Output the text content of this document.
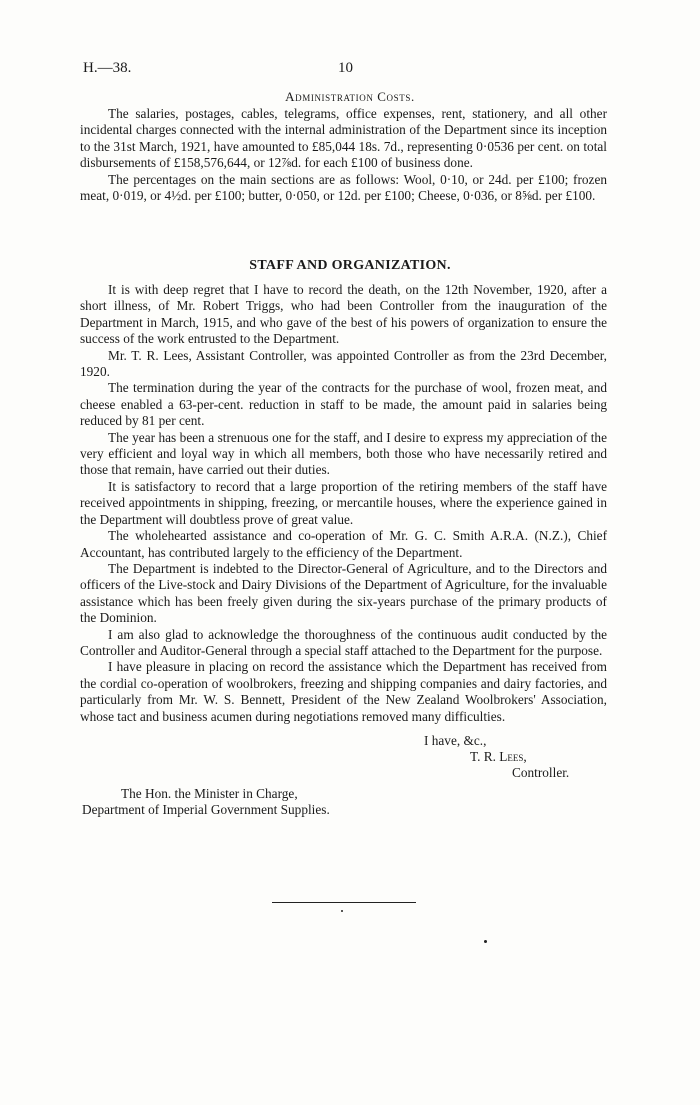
H.—38.	10
Administration Costs.

The salaries, postages, cables, telegrams, office expenses, rent, stationery, and all other incidental charges connected with the internal administration of the Department since its inception to the 31st March, 1921, have amounted to £85,044 18s. 7d., representing 0·0536 per cent. on total disbursements of £158,576,644, or 12⅞d. for each £100 of business done.

The percentages on the main sections are as follows: Wool, 0·10, or 24d. per £100; frozen meat, 0·019, or 4½d. per £100; butter, 0·050, or 12d. per £100; Cheese, 0·036, or 8⅝d. per £100.

STAFF AND ORGANIZATION.

It is with deep regret that I have to record the death, on the 12th November, 1920, after a short illness, of Mr. Robert Triggs, who had been Controller from the inauguration of the Department in March, 1915, and who gave of the best of his powers of organization to ensure the success of the work entrusted to the Department.

Mr. T. R. Lees, Assistant Controller, was appointed Controller as from the 23rd December, 1920.

The termination during the year of the contracts for the purchase of wool, frozen meat, and cheese enabled a 63-per-cent. reduction in staff to be made, the amount paid in salaries being reduced by 81 per cent.

The year has been a strenuous one for the staff, and I desire to express my appreciation of the very efficient and loyal way in which all members, both those who have necessarily retired and those that remain, have carried out their duties.

It is satisfactory to record that a large proportion of the retiring members of the staff have received appointments in shipping, freezing, or mercantile houses, where the experience gained in the Department will doubtless prove of great value.

The wholehearted assistance and co-operation of Mr. G. C. Smith A.R.A. (N.Z.), Chief Accountant, has contributed largely to the efficiency of the Department.

The Department is indebted to the Director-General of Agriculture, and to the Directors and officers of the Live-stock and Dairy Divisions of the Department of Agriculture, for the invaluable assistance which has been freely given during the six-years purchase of the primary products of the Dominion.

I am also glad to acknowledge the thoroughness of the continuous audit conducted by the Controller and Auditor-General through a special staff attached to the Department for the purpose.

I have pleasure in placing on record the assistance which the Department has received from the cordial co-operation of woolbrokers, freezing and shipping companies and dairy factories, and particularly from Mr. W. S. Bennett, President of the New Zealand Woolbrokers' Association, whose tact and business acumen during negotiations removed many difficulties.

I have, &c.,
T. R. Lees,
Controller.
The Hon. the Minister in Charge,
Department of Imperial Government Supplies.
